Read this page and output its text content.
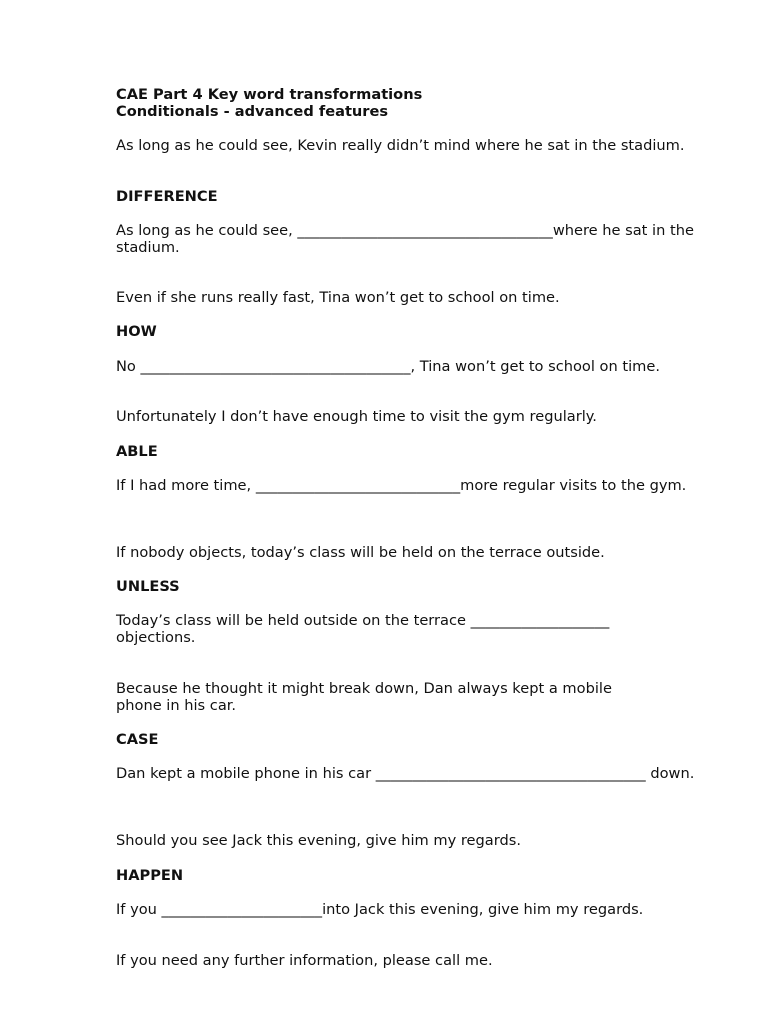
CAE Part 4 Key word transformations
Conditionals - advanced features

As long as he could see, Kevin really didn’t mind where he sat in the stadium.

DIFFERENCE

As long as he could see, ___________________________________where he sat in the stadium.

Even if she runs really fast, Tina won’t get to school on time.

HOW

No _____________________________________, Tina won’t get to school on time.

Unfortunately I don’t have enough time to visit the gym regularly.

ABLE

If I had more time, ____________________________more regular visits to the gym.

If nobody objects, today’s class will be held on the terrace outside.

UNLESS

Today’s class will be held outside on the terrace ___________________ objections.

Because he thought it might break down, Dan always kept a mobile phone in his car.

CASE

Dan kept a mobile phone in his car _____________________________________ down.

Should you see Jack this evening, give him my regards.

HAPPEN

If you ______________________into Jack this evening, give him my regards.

If you need any further information, please call me.
